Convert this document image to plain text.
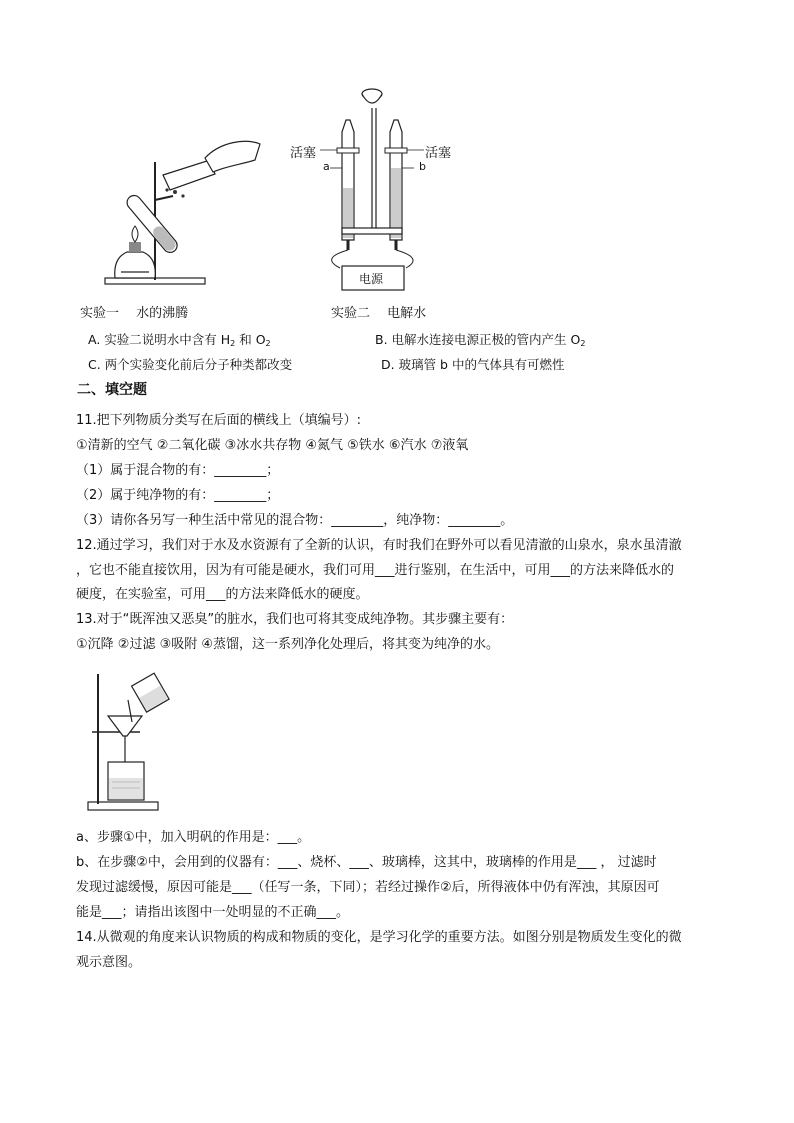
实验一　 水的沸腾
活塞	活塞
a	b
电源
实验二　 电解水
A. 实验二说明水中含有 $H_2$ 和 $O_2$	B. 电解水连接电源正极的管内产生 $O_2$
C. 两个实验变化前后分子种类都改变	D. 玻璃管 b 中的气体具有可燃性
二、填空题
11.把下列物质分类写在后面的横线上（填编号）:
①清新的空气 ②二氧化碳 ③冰水共存物 ④氮气 ⑤铁水 ⑥汽水 ⑦液氧
（1）属于混合物的有：________；
（2）属于纯净物的有：________；
（3）请你各另写一种生活中常见的混合物：________，纯净物：________。
12.通过学习，我们对于水及水资源有了全新的认识，有时我们在野外可以看见清澈的山泉水，泉水虽清澈
，它也不能直接饮用，因为有可能是硬水，我们可用___进行鉴别，在生活中，可用___的方法来降低水的
硬度，在实验室，可用___的方法来降低水的硬度。
13.对于“既浑浊又恶臭”的脏水，我们也可将其变成纯净物。其步骤主要有：
①沉降 ②过滤 ③吸附 ④蒸馏，这一系列净化处理后，将其变为纯净的水。
a、步骤①中，加入明矾的作用是：___。
b、在步骤②中，会用到的仪器有：___、烧杯、___、玻璃棒，这其中，玻璃棒的作用是___ ， 过滤时
发现过滤缓慢，原因可能是___（任写一条，下同）；若经过操作②后，所得液体中仍有浑浊，其原因可
能是___；请指出该图中一处明显的不正确___。
14.从微观的角度来认识物质的构成和物质的变化，是学习化学的重要方法。如图分别是物质发生变化的微
观示意图。
